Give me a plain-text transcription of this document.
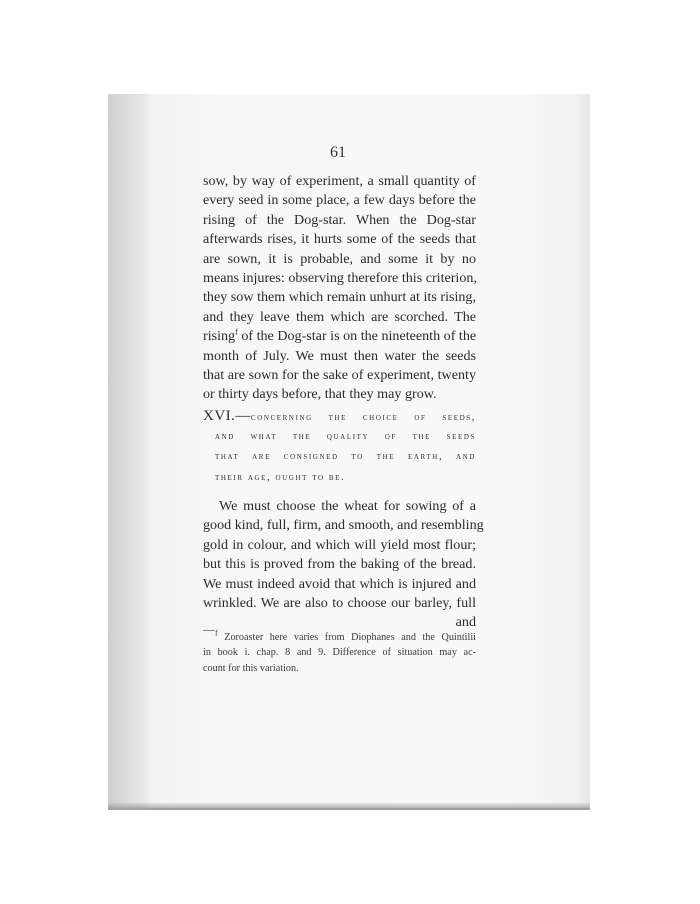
61
sow, by way of experiment, a small quantity of
every seed in some place, a few days before the
rising of the Dog-star. When the Dog-star
afterwards rises, it hurts some of the seeds that
are sown, it is probable, and some it by no
means injures: observing therefore this criterion,
they sow them which remain unhurt at its rising,
and they leave them which are scorched. The
rising$^f$ of the Dog-star is on the nineteenth of the
month of July. We must then water the seeds
that are sown for the sake of experiment, twenty
or thirty days before, that they may grow.
XVI.—concerning the choice of seeds,
and what the quality of the seeds
that are consigned to the earth, and
their age, ought to be.
We must choose the wheat for sowing of a
good kind, full, firm, and smooth, and resembling
gold in colour, and which will yield most flour;
but this is proved from the baking of the bread.
We must indeed avoid that which is injured and
wrinkled. We are also to choose our barley, full
and
$^f$ Zoroaster here varies from Diophanes and the Quintilii
in book i. chap. 8 and 9. Difference of situation may ac-
count for this variation.
